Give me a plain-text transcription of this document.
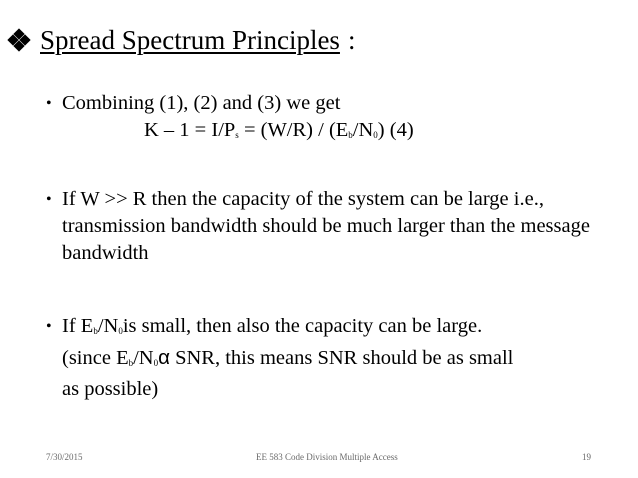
Spread Spectrum Principles :
• Combining (1), (2) and (3) we get
$K - 1 = I/P_s = (W/R) / (E_b/N_0)$ (4)
• If W >> R then the capacity of the system can be large i.e., transmission bandwidth should be much larger than the message bandwidth
• If $E_b/N_0is$ small, then also the capacity can be large.
(since $E_b/N_0\alpha$ SNR, this means SNR should be as small
as possible)
7/30/2015	EE 583 Code Division Multiple Access	19
